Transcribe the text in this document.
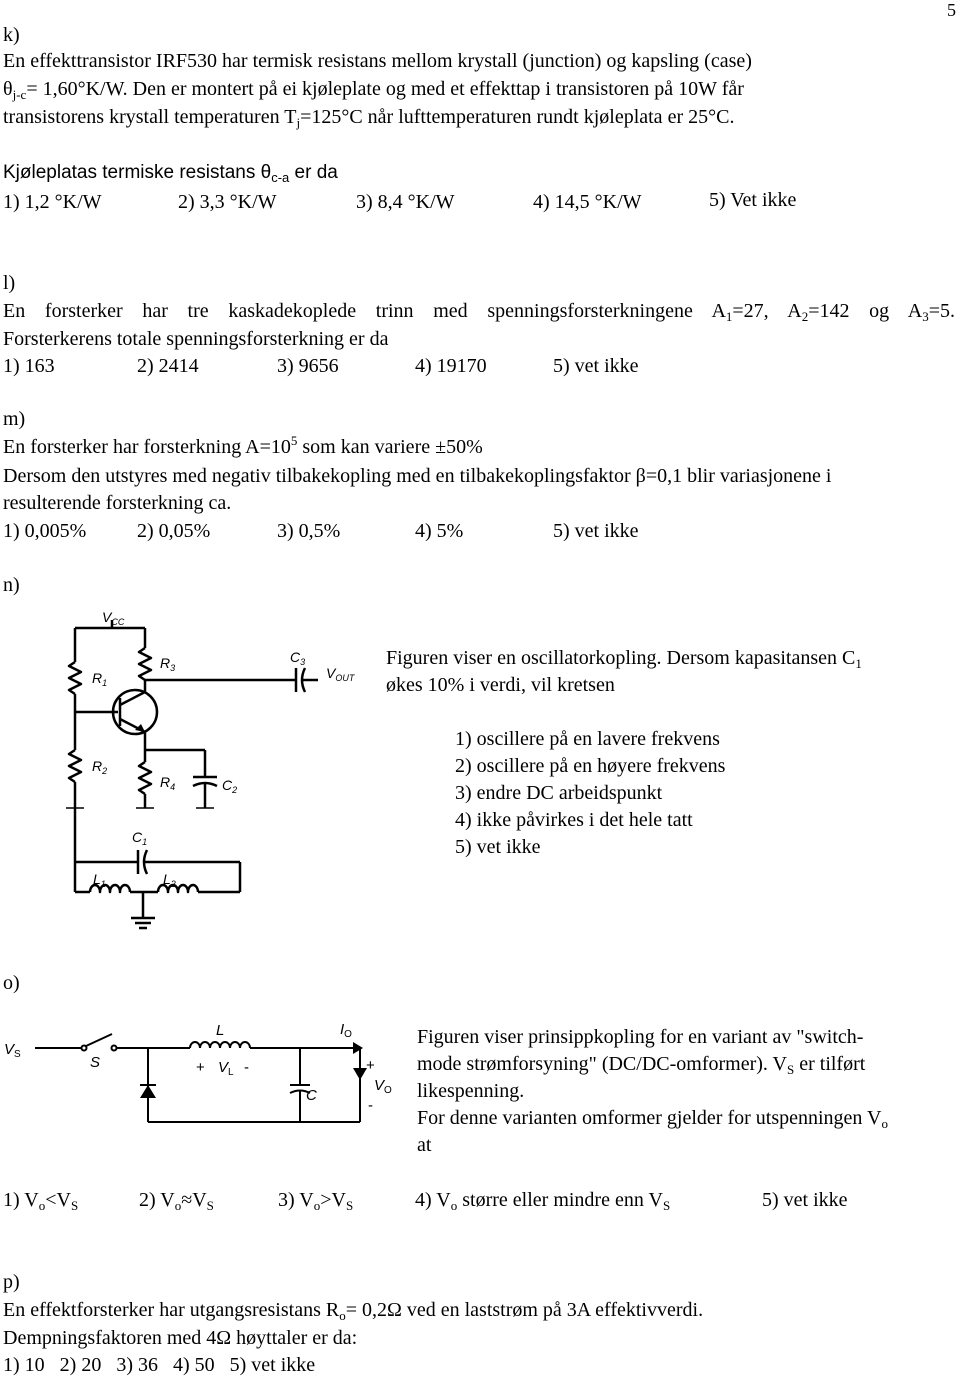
5
k)
En effekttransistor IRF530 har termisk resistans mellom krystall (junction) og kapsling (case)
$\theta_{j-c}= 1,60^\circ K/W$. Den er montert på ei kjøleplate og med et effekttap i transistoren på 10W får
transistorens krystall temperaturen $T_j=125^\circ C$ når lufttemperaturen rundt kjøleplata er 25°C.
Kjøleplatas termiske resistans $\theta_{c-a}$ er da
1) 1,2 °K/W	2) 3,3 °K/W	3) 8,4 °K/W	4) 14,5 °K/W	5) Vet ikke
l)
En forsterker har tre kaskadekoplede trinn med spenningsforsterkningene $A_1=27$, $A_2=142$ og $A_3=5$.
Forsterkerens totale spenningsforsterkning er da
1) 163	2) 2414	3) 9656	4) 19170	5) vet ikke
m)
En forsterker har forsterkning $A=10^5$ som kan variere ±50%
Dersom den utstyres med negativ tilbakekopling med en tilbakekoplingsfaktor β=0,1 blir variasjonene i
resulterende forsterkning ca.
1) 0,005%	2) 0,05%	3) 0,5%	4) 5%	5) vet ikke
n)
Figuren viser en oscillatorkopling. Dersom kapasitansen $C_1$
økes 10% i verdi, vil kretsen
1) oscillere på en lavere frekvens
2) oscillere på en høyere frekvens
3) endre DC arbeidspunkt
4) ikke påvirkes i det hele tatt
5) vet ikke
$V_{CC}$
$R_1$
$R_2$
$R_3$
$R_4$	$C_2$
$C_1$
$C_3$
$V_{OUT}$
$L_1$	$L_2$
o)
Figuren viser prinsippkopling for en variant av "switch-
mode strømforsyning" (DC/DC-omformer). $V_S$ er tilført
likespenning.
For denne varianten omformer gjelder for utspenningen $V_o$
at
$V_S$	S
L
+ $V_L$ -
C
$I_O$
+
$V_O$
-
1) $V_o<V_S$	2) $V_o\approx V_S$	3) $V_o>V_S$	4) $V_o$ større eller mindre enn $V_S$	5) vet ikke
p)
En effektforsterker har utgangsresistans $R_o= 0,2\Omega$ ved en laststrøm på 3A effektivverdi.
Dempningsfaktoren med 4Ω høyttaler er da:
1) 10   2) 20   3) 36   4) 50   5) vet ikke
